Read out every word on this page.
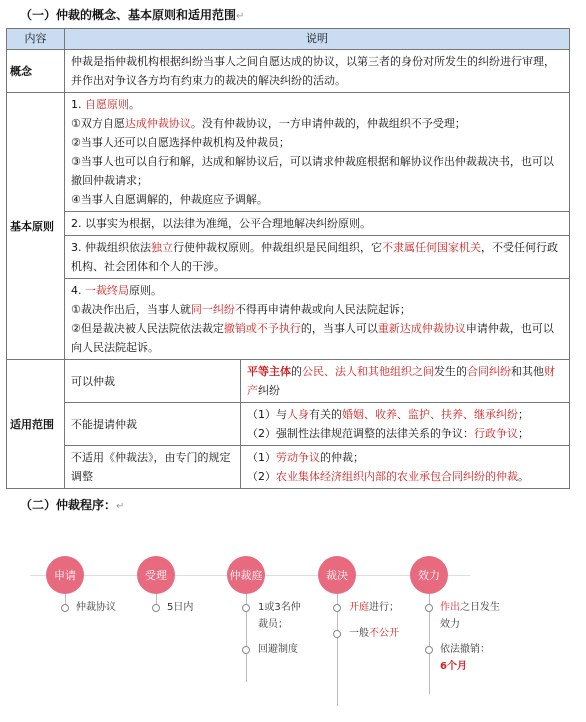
（一）仲裁的概念、基本原则和适用范围↵
内容	说明	
概念	仲裁是指仲裁机构根据纠纷当事人之间自愿达成的协议，以第三者的身份对所发生的纠纷进行审理，并作出对争议各方均有约束力的裁决的解决纠纷的活动。	
基本原则	1. 自愿原则。
①双方自愿达成仲裁协议。没有仲裁协议，一方申请仲裁的，仲裁组织不予受理；
②当事人还可以自愿选择仲裁机构及仲裁员；
③当事人也可以自行和解，达成和解协议后，可以请求仲裁庭根据和解协议作出仲裁裁决书，也可以撤回仲裁请求；
④当事人自愿调解的，仲裁庭应予调解。	

	2. 以事实为根据，以法律为准绳，公平合理地解决纠纷原则。	
	3. 仲裁组织依法独立行使仲裁权原则。仲裁组织是民间组织，它不隶属任何国家机关，不受任何行政机构、社会团体和个人的干涉。	

	4. 一裁终局原则。
①裁决作出后，当事人就同一纠纷不得再申请仲裁或向人民法院起诉；
②但是裁决被人民法院依法裁定撤销或不予执行的，当事人可以重新达成仲裁协议申请仲裁，也可以向人民法院起诉。	

适用范围	可以仲裁	平等主体的公民、法人和其他组织之间发生的合同纠纷和其他财产纠纷
	不能提请仲裁	（1）与人身有关的婚姻、收养、监护、扶养、继承纠纷；
（2）强制性法律规范调整的法律关系的争议：行政争议；

	不适用《仲裁法》，由专门的规定调整	（1）劳动争议的仲裁；
（2）农业集体经济组织内部的农业承包合同纠纷的仲裁。
（二）仲裁程序：↵
申请	受理	仲裁庭	裁决	效力
仲裁协议	5日内	1或3名仲裁员；
回避制度
开庭进行；
一般不公开
作出之日发生效力
依法撤销：
6个月
